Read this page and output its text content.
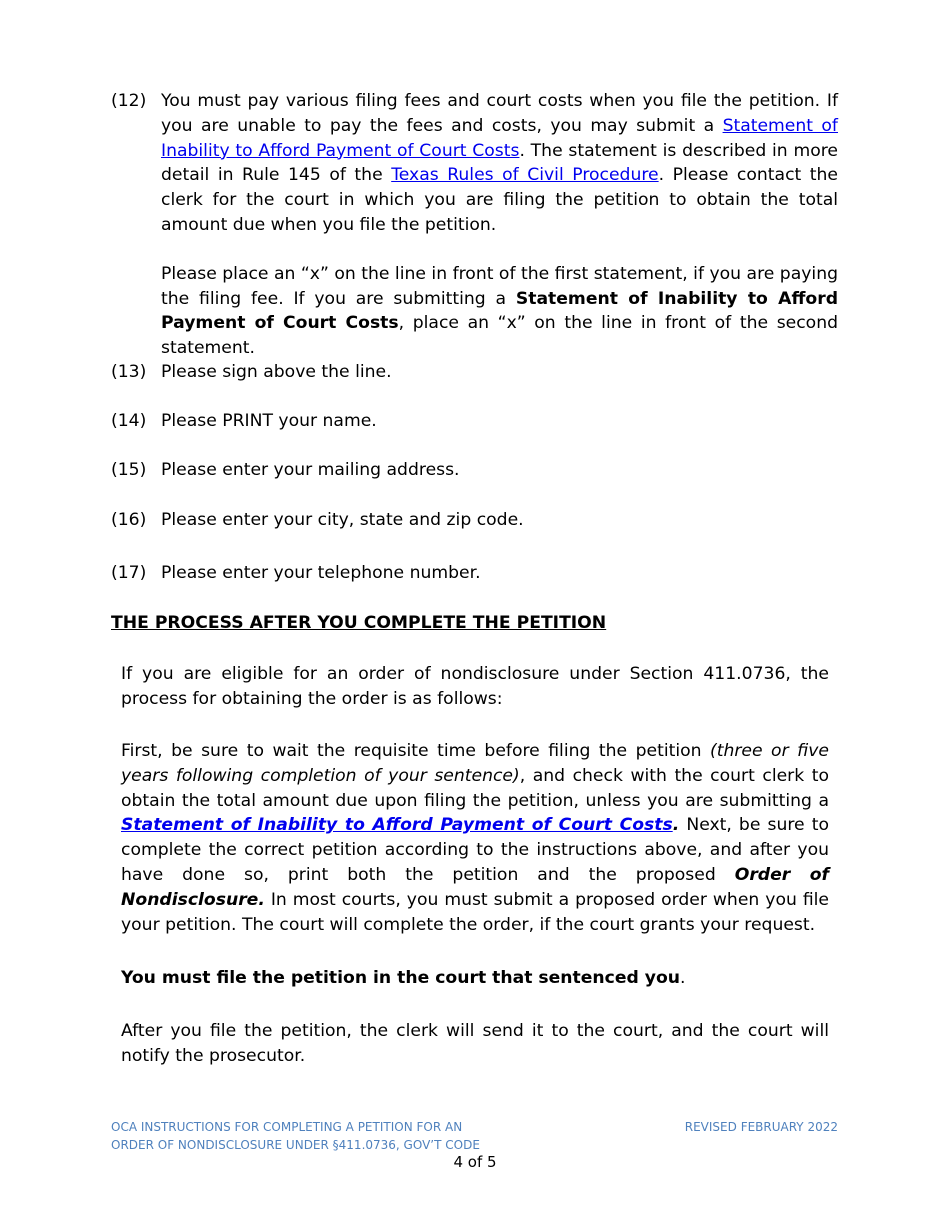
(12) You must pay various filing fees and court costs when you file the petition. If you are unable to pay the fees and costs, you may submit a Statement of Inability to Afford Payment of Court Costs. The statement is described in more detail in Rule 145 of the Texas Rules of Civil Procedure. Please contact the clerk for the court in which you are filing the petition to obtain the total amount due when you file the petition.

Please place an “x” on the line in front of the first statement, if you are paying the filing fee. If you are submitting a Statement of Inability to Afford Payment of Court Costs, place an “x” on the line in front of the second statement.

(13) Please sign above the line.
(14) Please PRINT your name.
(15) Please enter your mailing address.
(16) Please enter your city, state and zip code.
(17) Please enter your telephone number.
THE PROCESS AFTER YOU COMPLETE THE PETITION
If you are eligible for an order of nondisclosure under Section 411.0736, the process for obtaining the order is as follows:
First, be sure to wait the requisite time before filing the petition (three or five years following completion of your sentence), and check with the court clerk to obtain the total amount due upon filing the petition, unless you are submitting a Statement of Inability to Afford Payment of Court Costs. Next, be sure to complete the correct petition according to the instructions above, and after you have done so, print both the petition and the proposed Order of Nondisclosure. In most courts, you must submit a proposed order when you file your petition. The court will complete the order, if the court grants your request.
You must file the petition in the court that sentenced you.
After you file the petition, the clerk will send it to the court, and the court will notify the prosecutor.
OCA INSTRUCTIONS FOR COMPLETING A PETITION FOR AN
ORDER OF NONDISCLOSURE UNDER §411.0736, GOV’T CODE
REVISED FEBRUARY 2022
4 of 5
